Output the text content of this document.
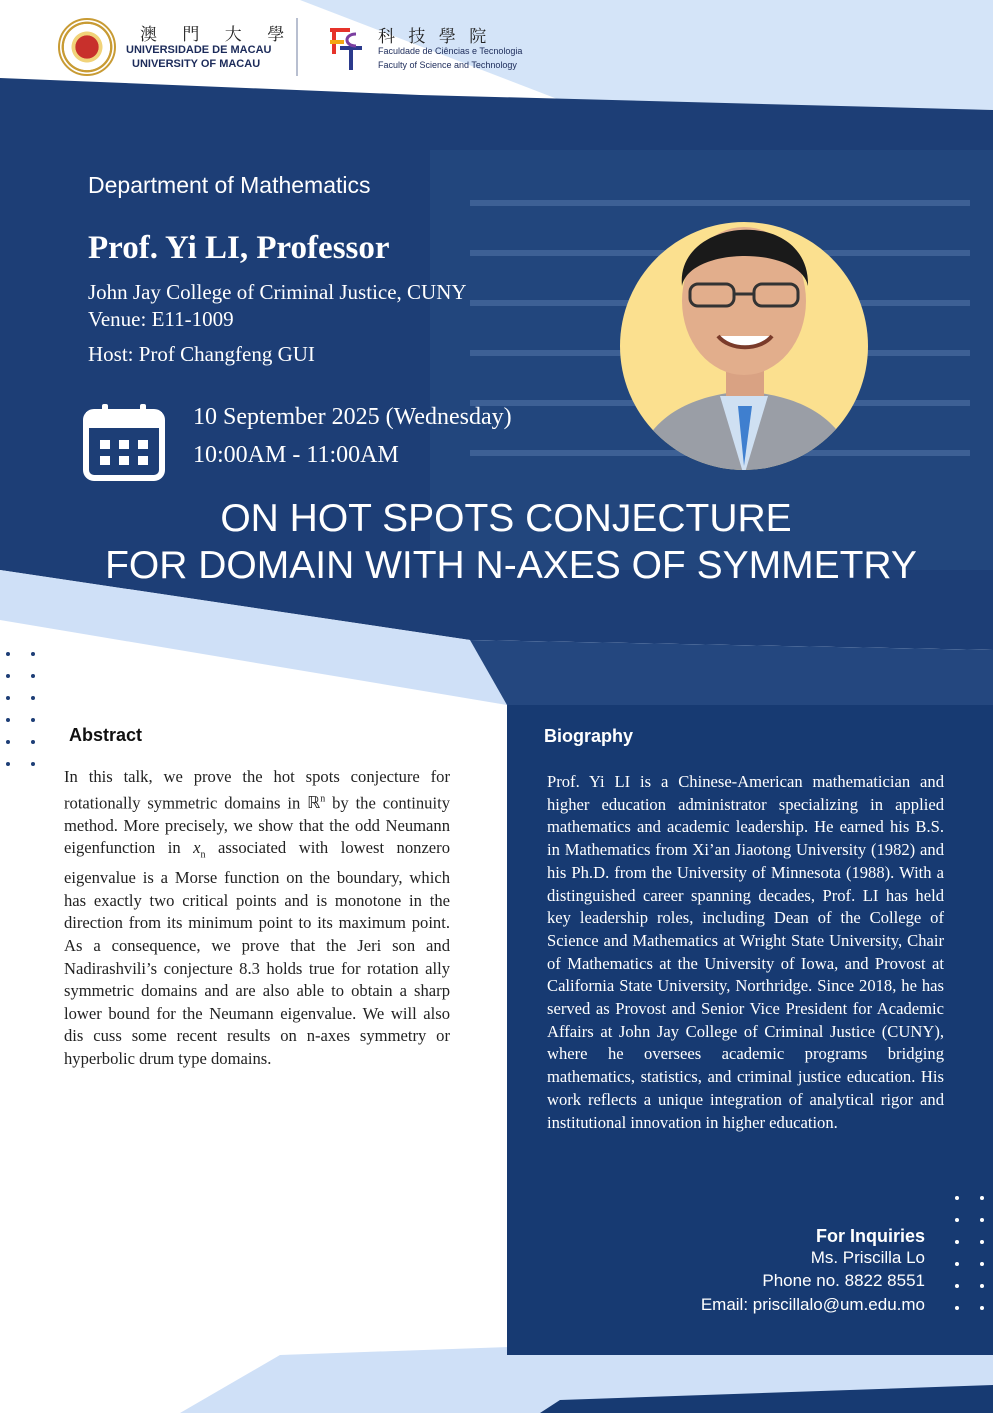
澳 門 大 學
UNIVERSIDADE DE MACAU
UNIVERSITY OF MACAU
科 技 學 院
Faculdade de Ciências e Tecnologia
Faculty of Science and Technology
Department of Mathematics
Prof. Yi LI, Professor
John Jay College of Criminal Justice, CUNY
Venue: E11-1009
Host: Prof Changfeng GUI
10 September 2025 (Wednesday)
10:00AM - 11:00AM
ON HOT SPOTS CONJECTURE
FOR DOMAIN WITH N-AXES OF SYMMETRY
Abstract
In this talk, we prove the hot spots conjecture for rotationally symmetric domains in ℝ$^n$ by the continuity method. More precisely, we show that the odd Neumann eigenfunction in $x_n$ associated with lowest nonzero eigenvalue is a Morse function on the boundary, which has exactly two critical points and is monotone in the direction from its minimum point to its maximum point. As a consequence, we prove that the Jeri son and Nadirashvili’s conjecture 8.3 holds true for rotation ally symmetric domains and are also able to obtain a sharp lower bound for the Neumann eigenvalue. We will also dis cuss some recent results on n-axes symmetry or hyperbolic drum type domains.
Biography
Prof. Yi LI is a Chinese-American mathematician and higher education administrator specializing in applied mathematics and academic leadership. He earned his B.S. in Mathematics from Xi’an Jiaotong University (1982) and his Ph.D. from the University of Minnesota (1988). With a distinguished career spanning decades, Prof. LI has held key leadership roles, including Dean of the College of Science and Mathematics at Wright State University, Chair of Mathematics at the University of Iowa, and Provost at California State University, Northridge. Since 2018, he has served as Provost and Senior Vice President for Academic Affairs at John Jay College of Criminal Justice (CUNY), where he oversees academic programs bridging mathematics, statistics, and criminal justice education. His work reflects a unique integration of analytical rigor and institutional innovation in higher education.
For Inquiries
Ms. Priscilla Lo
Phone no. 8822 8551
Email: priscillalo@um.edu.mo
